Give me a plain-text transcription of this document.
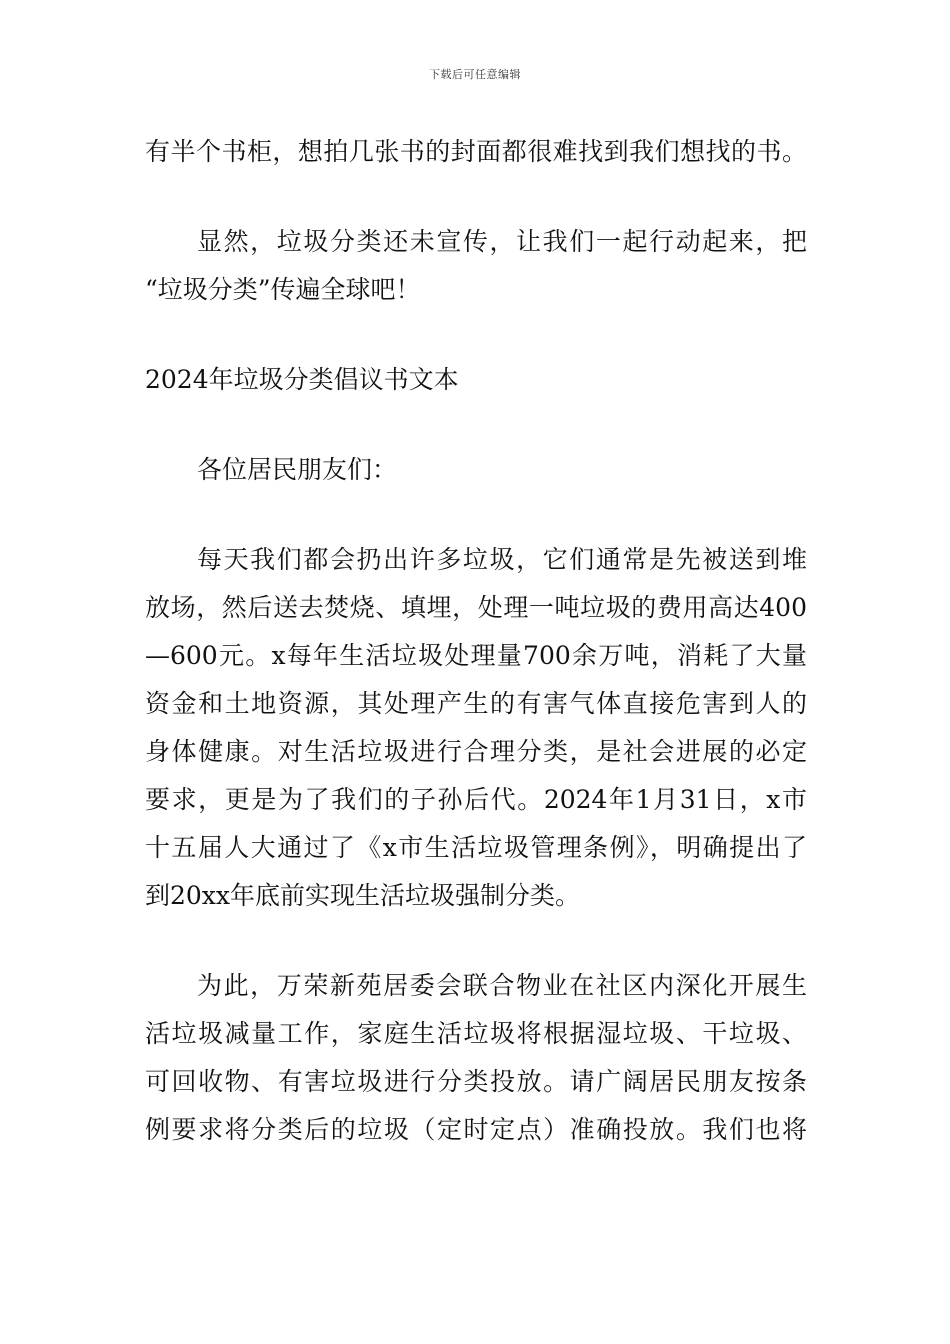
下载后可任意编辑
有半个书柜，想拍几张书的封面都很难找到我们想找的书。
显然，垃圾分类还未宣传，让我们一起行动起来，把
“垃圾分类”传遍全球吧！
2024年垃圾分类倡议书文本
各位居民朋友们：
每天我们都会扔出许多垃圾，它们通常是先被送到堆
放场，然后送去焚烧、填埋，处理一吨垃圾的费用高达400
—600元。x每年生活垃圾处理量700余万吨，消耗了大量
资金和土地资源，其处理产生的有害气体直接危害到人的
身体健康。对生活垃圾进行合理分类，是社会进展的必定
要求，更是为了我们的子孙后代。2024年1月31日，x市
十五届人大通过了《x市生活垃圾管理条例》，明确提出了
到20xx年底前实现生活垃圾强制分类。
为此，万荣新苑居委会联合物业在社区内深化开展生
活垃圾减量工作，家庭生活垃圾将根据湿垃圾、干垃圾、
可回收物、有害垃圾进行分类投放。请广阔居民朋友按条
例要求将分类后的垃圾（定时定点）准确投放。我们也将
